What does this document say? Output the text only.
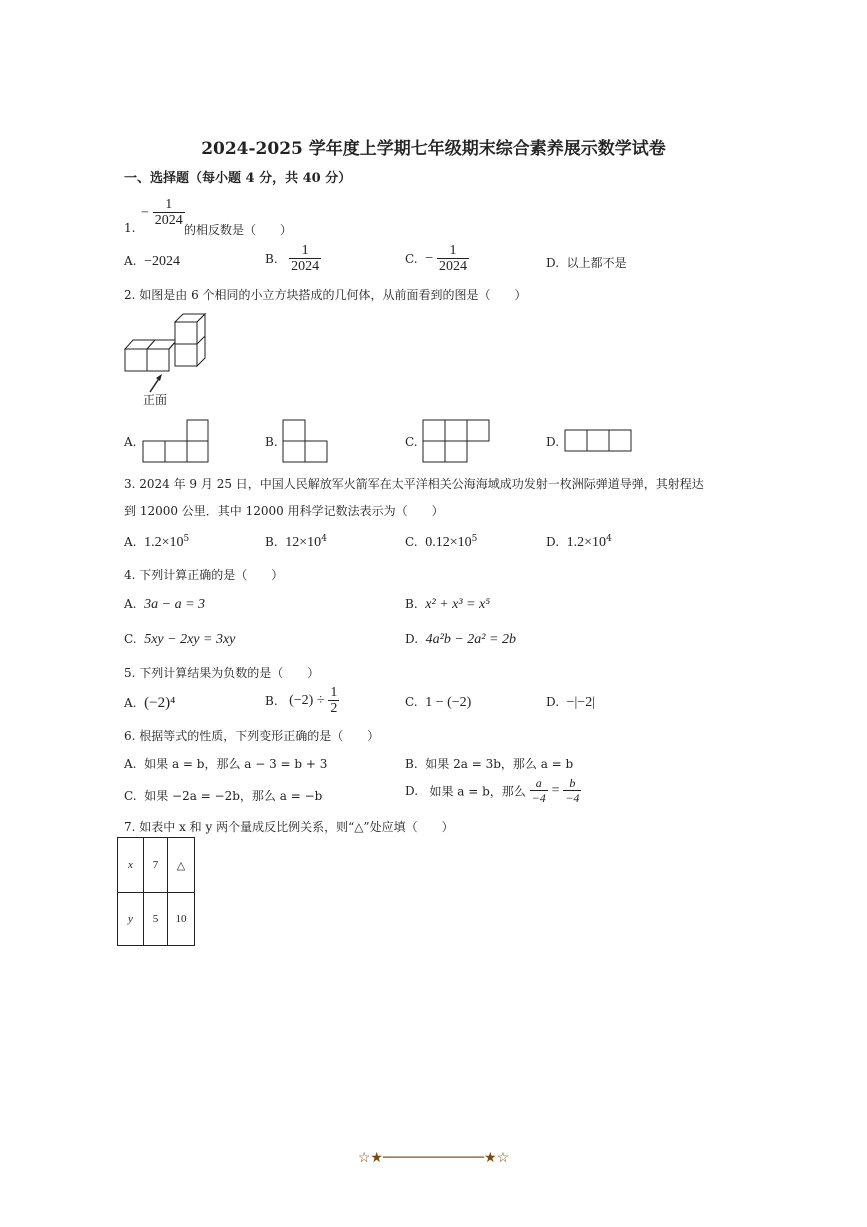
2024-2025 学年度上学期七年级期末综合素养展示数学试卷
一、选择题（每小题 4 分，共 40 分）
− $\frac{1}{2024}$
1.	的相反数是（　　）
A. −2024	B. $\frac{1}{2024}$	C. − $\frac{1}{2024}$	D. 以上都不是
2. 如图是由 6 个相同的小立方块搭成的几何体，从前面看到的图是（　　）
正面
A.	B.	C.	D.
3. 2024 年 9 月 25 日，中国人民解放军火箭军在太平洋相关公海海域成功发射一枚洲际弹道导弹，其射程达
到 12000 公里．其中 12000 用科学记数法表示为（　　）
A. $1.2\times 10^5$	B. $12\times 10^4$	C. $0.12\times 10^5$	D. $1.2\times 10^4$
4. 下列计算正确的是（　　）
A. 3a − a = 3	B. x² + x³ = x⁵
C. 5xy − 2xy = 3xy	D. 4a²b − 2a² = 2b
5. 下列计算结果为负数的是（　　）
A. (−2)⁴	B. $(-2) \div \frac{1}{2}$	C. 1 − (−2)	D. −|−2|
6. 根据等式的性质，下列变形正确的是（　　）
A. 如果 a = b，那么 a − 3 = b + 3	B. 如果 2a = 3b，那么 a = b
C. 如果 −2a = −2b，那么 a = −b	D. 如果 a = b，那么 $\frac{a}{-4} = \frac{b}{-4}$
7. 如表中 x 和 y 两个量成反比例关系，则“△”处应填（　　）
x	7	△
y	5	10
☆★────────────★☆
